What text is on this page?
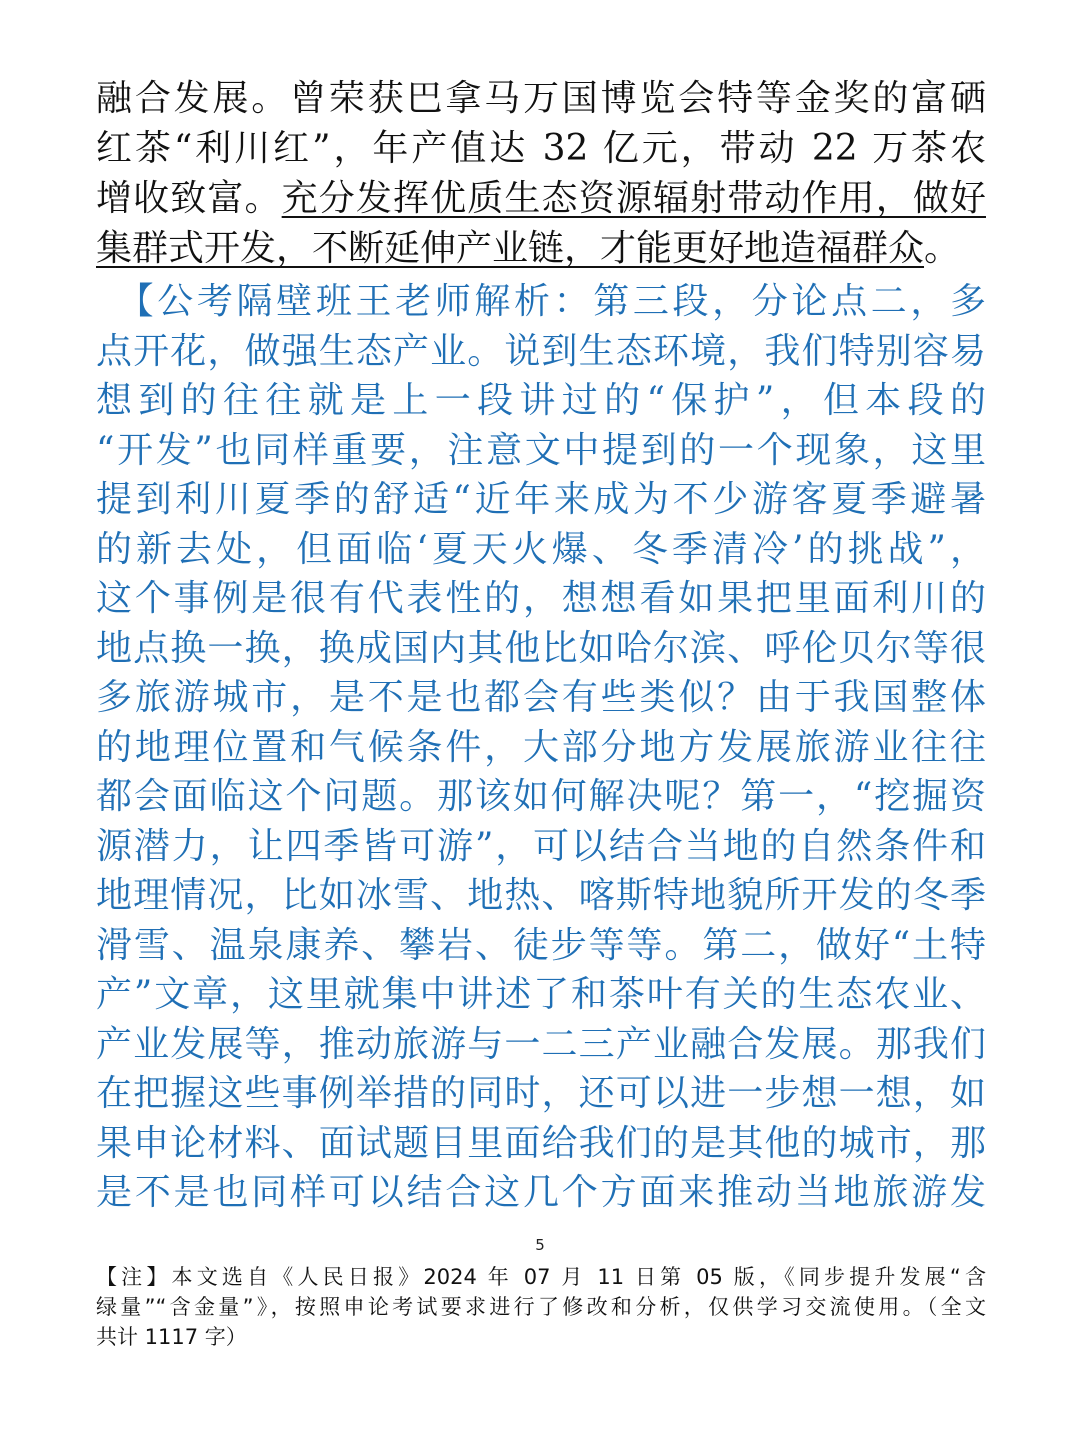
融合发展。曾荣获巴拿马万国博览会特等金奖的富硒
红茶“利川红”，年产值达 32 亿元，带动 22 万茶农
增收致富。充分发挥优质生态资源辐射带动作用，做好
集群式开发，不断延伸产业链，才能更好地造福群众。
　【公考隔壁班王老师解析：第三段，分论点二，多
点开花，做强生态产业。说到生态环境，我们特别容易
想到的往往就是上一段讲过的“保护”，但本段的
“开发”也同样重要，注意文中提到的一个现象，这里
提到利川夏季的舒适“近年来成为不少游客夏季避暑
的新去处，但面临‘夏天火爆、冬季清冷’的挑战”，
这个事例是很有代表性的，想想看如果把里面利川的
地点换一换，换成国内其他比如哈尔滨、呼伦贝尔等很
多旅游城市，是不是也都会有些类似？由于我国整体
的地理位置和气候条件，大部分地方发展旅游业往往
都会面临这个问题。那该如何解决呢？第一，“挖掘资
源潜力，让四季皆可游”，可以结合当地的自然条件和
地理情况，比如冰雪、地热、喀斯特地貌所开发的冬季
滑雪、温泉康养、攀岩、徒步等等。第二，做好“土特
产”文章，这里就集中讲述了和茶叶有关的生态农业、
产业发展等，推动旅游与一二三产业融合发展。那我们
在把握这些事例举措的同时，还可以进一步想一想，如
果申论材料、面试题目里面给我们的是其他的城市，那
是不是也同样可以结合这几个方面来推动当地旅游发
5
【注】本文选自《人民日报》2024 年 07 月 11 日第 05 版，《同步提升发展“含
绿量”“含金量”》，按照申论考试要求进行了修改和分析，仅供学习交流使用。（全文
共计 1117 字）
